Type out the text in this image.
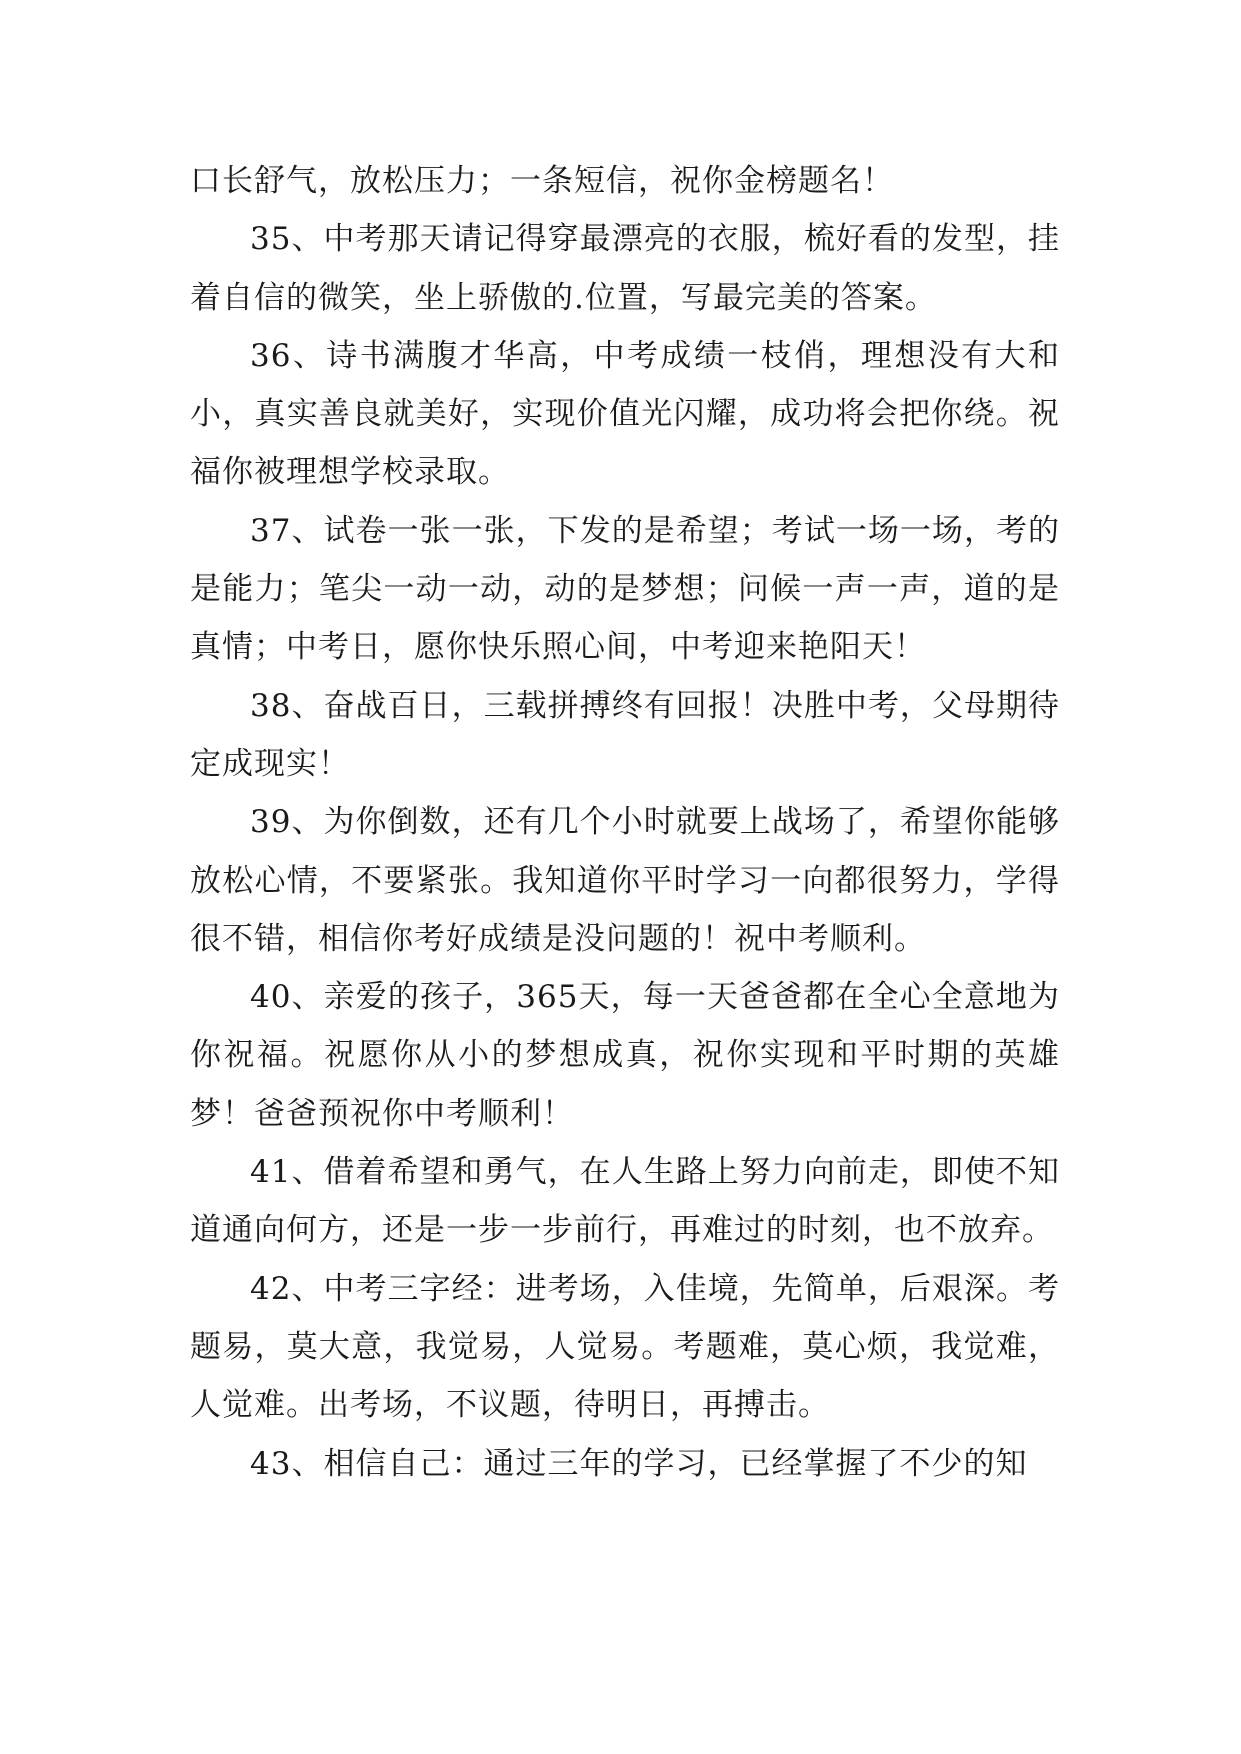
口长舒气，放松压力；一条短信，祝你金榜题名！

35、中考那天请记得穿最漂亮的衣服，梳好看的发型，挂着自信的微笑，坐上骄傲的.位置，写最完美的答案。

36、诗书满腹才华高，中考成绩一枝俏，理想没有大和小，真实善良就美好，实现价值光闪耀，成功将会把你绕。祝福你被理想学校录取。

37、试卷一张一张，下发的是希望；考试一场一场，考的是能力；笔尖一动一动，动的是梦想；问候一声一声，道的是真情；中考日，愿你快乐照心间，中考迎来艳阳天！

38、奋战百日，三载拼搏终有回报！决胜中考，父母期待定成现实！

39、为你倒数，还有几个小时就要上战场了，希望你能够放松心情，不要紧张。我知道你平时学习一向都很努力，学得很不错，相信你考好成绩是没问题的！祝中考顺利。

40、亲爱的孩子，365天，每一天爸爸都在全心全意地为你祝福。祝愿你从小的梦想成真，祝你实现和平时期的英雄梦！爸爸预祝你中考顺利！

41、借着希望和勇气，在人生路上努力向前走，即使不知道通向何方，还是一步一步前行，再难过的时刻，也不放弃。

42、中考三字经：进考场，入佳境，先简单，后艰深。考题易，莫大意，我觉易，人觉易。考题难，莫心烦，我觉难，人觉难。出考场，不议题，待明日，再搏击。

43、相信自己：通过三年的学习，已经掌握了不少的知
